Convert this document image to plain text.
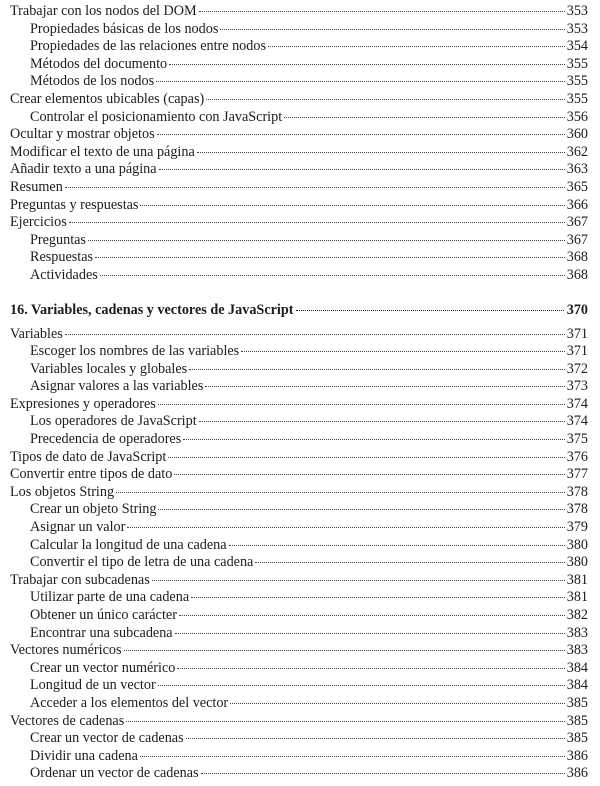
Trabajar con los nodos del DOM	353
Propiedades básicas de los nodos	353
Propiedades de las relaciones entre nodos	354
Métodos del documento	355
Métodos de los nodos	355
Crear elementos ubicables (capas)	355
Controlar el posicionamiento con JavaScript	356
Ocultar y mostrar objetos	360
Modificar el texto de una página	362
Añadir texto a una página	363
Resumen	365
Preguntas y respuestas	366
Ejercicios	367
Preguntas	367
Respuestas	368
Actividades	368
16. Variables, cadenas y vectores de JavaScript	370
Variables	371
Escoger los nombres de las variables	371
Variables locales y globales	372
Asignar valores a las variables	373
Expresiones y operadores	374
Los operadores de JavaScript	374
Precedencia de operadores	375
Tipos de dato de JavaScript	376
Convertir entre tipos de dato	377
Los objetos String	378
Crear un objeto String	378
Asignar un valor	379
Calcular la longitud de una cadena	380
Convertir el tipo de letra de una cadena	380
Trabajar con subcadenas	381
Utilizar parte de una cadena	381
Obtener un único carácter	382
Encontrar una subcadena	383
Vectores numéricos	383
Crear un vector numérico	384
Longitud de un vector	384
Acceder a los elementos del vector	385
Vectores de cadenas	385
Crear un vector de cadenas	385
Dividir una cadena	386
Ordenar un vector de cadenas	386
